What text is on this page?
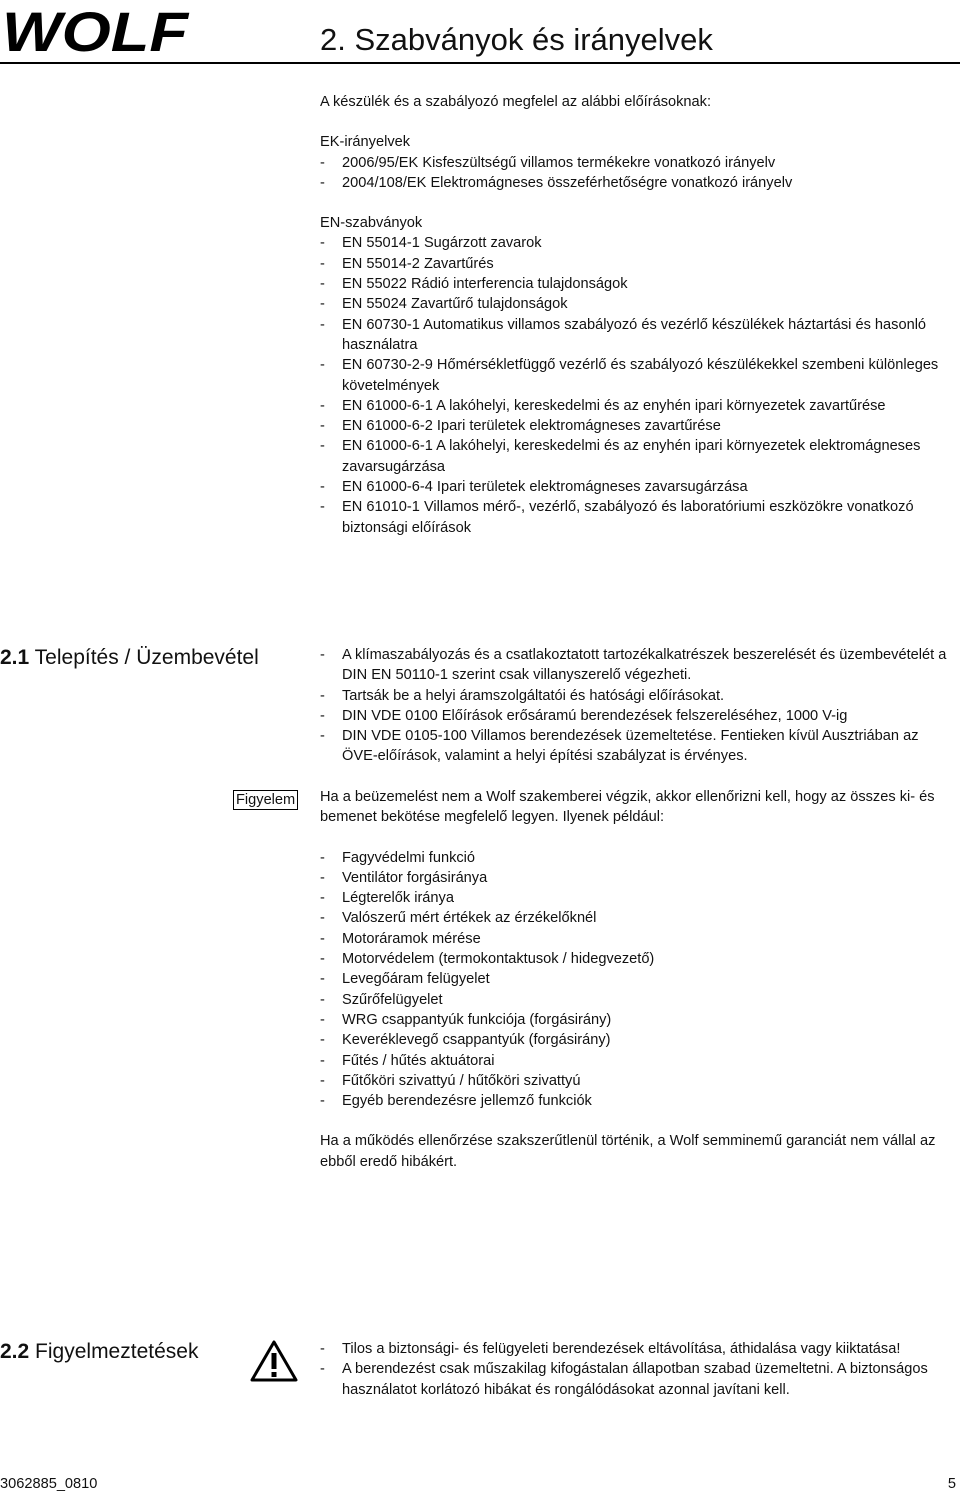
WOLF	2. Szabványok és irányelvek

A készülék és a szabályozó megfelel az alábbi előírásoknak:

EK-irányelvek

- 2006/95/EK Kisfeszültségű villamos termékekre vonatkozó irányelv
- 2004/108/EK Elektromágneses összeférhetőségre vonatkozó irányelv

EN-szabványok

- EN 55014-1 Sugárzott zavarok
- EN 55014-2 Zavartűrés
- EN 55022 Rádió interferencia tulajdonságok
- EN 55024 Zavartűrő tulajdonságok
- EN 60730-1 Automatikus villamos szabályozó és vezérlő készülékek háztartási és hasonló használatra
- EN 60730-2-9 Hőmérsékletfüggő vezérlő és szabályozó készülékekkel szembeni különleges követelmények
- EN 61000-6-1 A lakóhelyi, kereskedelmi és az enyhén ipari környezetek zavartűrése
- EN 61000-6-2 Ipari területek elektromágneses zavartűrése
- EN 61000-6-1 A lakóhelyi, kereskedelmi és az enyhén ipari környezetek elektromágneses zavarsugárzása
- EN 61000-6-4 Ipari területek elektromágneses zavarsugárzása
- EN 61010-1 Villamos mérő-, vezérlő, szabályozó és laboratóriumi eszközökre vonatkozó biztonsági előírások
2.1 Telepítés / Üzembevétel	- A klímaszabályozás és a csatlakoztatott tartozékalkatrészek beszerelését és üzembevételét a DIN EN 50110-1 szerint csak villanyszerelő végezheti.
- Tartsák be a helyi áramszolgáltatói és hatósági előírásokat.
- DIN VDE 0100 Előírások erősáramú berendezések felszereléséhez, 1000 V-ig
- DIN VDE 0105-100 Villamos berendezések üzemeltetése. Fentieken kívül Ausztriában az ÖVE-előírások, valamint a helyi építési szabályzat is érvényes.
Figyelem Ha a beüzemelést nem a Wolf szakemberei végzik, akkor ellenőrizni kell, hogy az összes ki- és bemenet bekötése megfelelő legyen. Ilyenek például:

- Fagyvédelmi funkció
- Ventilátor forgásiránya
- Légterelők iránya
- Valószerű mért értékek az érzékelőknél
- Motoráramok mérése
- Motorvédelem (termokontaktusok / hidegvezető)
- Levegőáram felügyelet
- Szűrőfelügyelet
- WRG csappantyúk funkciója (forgásirány)
- Keveréklevegő csappantyúk (forgásirány)
- Fűtés / hűtés aktuátorai
- Fűtőköri szivattyú / hűtőköri szivattyú
- Egyéb berendezésre jellemző funkciók

Ha a működés ellenőrzése szakszerűtlenül történik, a Wolf semminemű garanciát nem vállal az ebből eredő hibákért.

2.2 Figyelmeztetések	- Tilos a biztonsági- és felügyeleti berendezések eltávolítása, áthidalása vagy kiiktatása!
- A berendezést csak műszakilag kifogástalan állapotban szabad üzemeltetni. A biztonságos használatot korlátozó hibákat és rongálódásokat azonnal javítani kell.
3062885_0810	5
